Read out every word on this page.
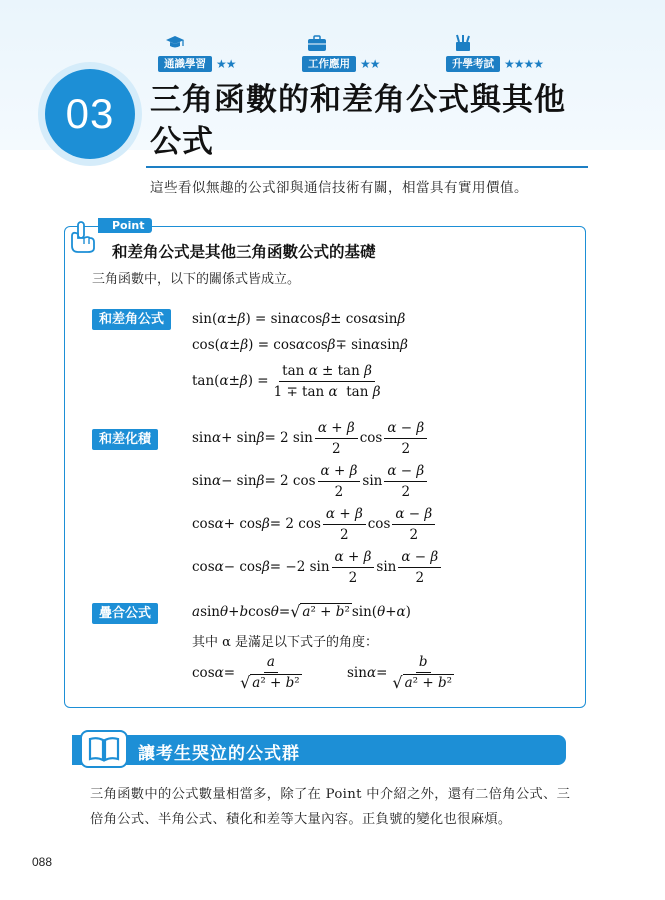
通識學習 ★★	工作應用 ★★	升學考試 ★★★★
03	三角函數的和差角公式與其他
公式
這些看似無趣的公式卻與通信技術有關，相當具有實用價值。
Point
和差角公式是其他三角函數公式的基礎
三角函數中，以下的關係式皆成立。
和差角公式	sin( α ± β ) = sin α cos β ± cos α sin β
cos( α ± β ) = cos α cos β ∓ sin α sin β
tan( α ± β ) = $\frac{\text{tan α ± tan β}}{\text{1 ∓ tan α  tan β}}$
和差化積	sin α + sin β = 2 $\sin \frac{\alpha + \beta}{2}$ $\cos \frac{\alpha - \beta}{2}$
sin α − sin β = 2 $\cos \frac{\alpha + \beta}{2}$ $\sin \frac{\alpha - \beta}{2}$
cos α + cos β = 2 $\cos \frac{\alpha + \beta}{2}$ $\cos \frac{\alpha - \beta}{2}$
cos α − cos β = −2 $\sin \frac{\alpha + \beta}{2}$ $\sin \frac{\alpha - \beta}{2}$
疊合公式	a sin θ + b cos θ = √ a² + b² sin( θ + α )
其中 α 是滿足以下式子的角度：
$\cos \alpha = \frac{a}{\text{√ a² + b²}}$	$\sin \alpha = \frac{b}{\text{√ a² + b²}}$
讓考生哭泣的公式群
三角函數中的公式數量相當多，除了在 Point 中介紹之外，還有二倍角公式、三倍角公式、半角公式、積化和差等大量內容。正負號的變化也很麻煩。
088
